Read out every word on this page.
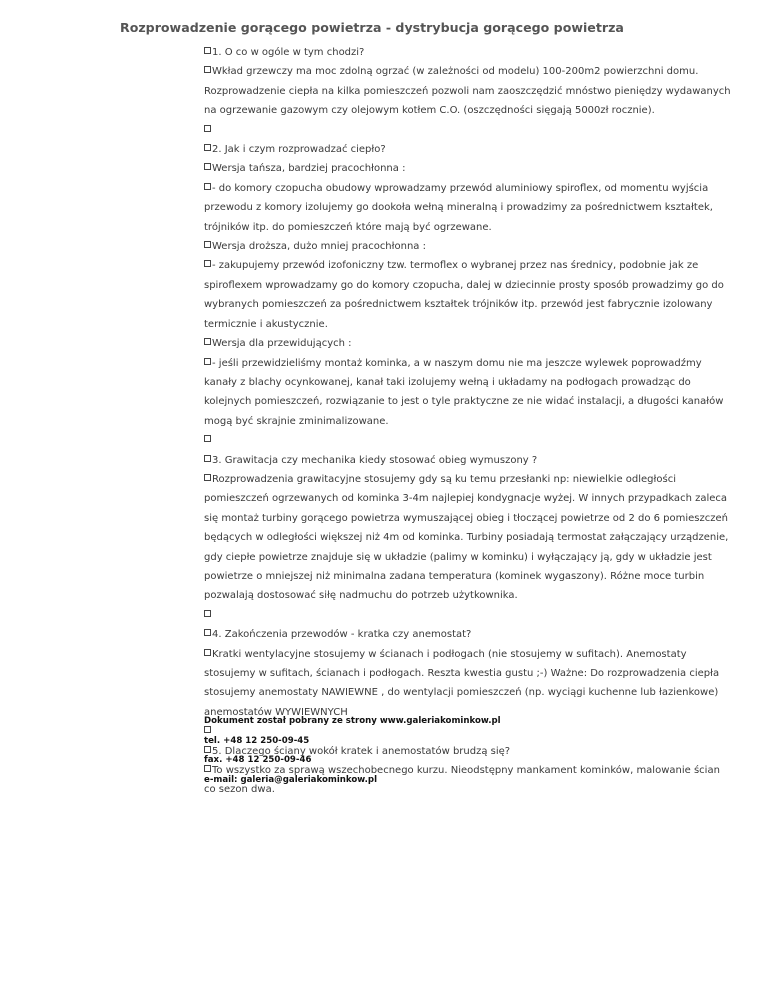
Rozprowadzenie gorącego powietrza - dystrybucja gorącego powietrza

1. O co w ogóle w tym chodzi?

Wkład grzewczy ma moc zdolną ogrzać (w zależności od modelu) 100-200m2 powierzchni domu. Rozprowadzenie ciepła na kilka pomieszczeń pozwoli nam zaoszczędzić mnóstwo pieniędzy wydawanych na ogrzewanie gazowym czy olejowym kotłem C.O. (oszczędności sięgają 5000zł rocznie).

2. Jak i czym rozprowadzać ciepło?

Wersja tańsza, bardziej pracochłonna :

- do komory czopucha obudowy wprowadzamy przewód aluminiowy spiroflex, od momentu wyjścia przewodu z komory izolujemy go dookoła wełną mineralną i prowadzimy za pośrednictwem kształtek, trójników itp. do pomieszczeń które mają być ogrzewane.

Wersja droższa, dużo mniej pracochłonna :

- zakupujemy przewód izofoniczny tzw. termoflex o wybranej przez nas średnicy, podobnie jak ze spiroflexem wprowadzamy go do komory czopucha, dalej w dziecinnie prosty sposób prowadzimy go do wybranych pomieszczeń za pośrednictwem kształtek trójników itp. przewód jest fabrycznie izolowany termicznie i akustycznie.

Wersja dla przewidujących :

- jeśli przewidzieliśmy montaż kominka, a w naszym domu nie ma jeszcze wylewek poprowadźmy kanały z blachy ocynkowanej, kanał taki izolujemy wełną i układamy na podłogach prowadząc do kolejnych pomieszczeń, rozwiązanie to jest o tyle praktyczne ze nie widać instalacji, a długości kanałów mogą być skrajnie zminimalizowane.

3. Grawitacja czy mechanika kiedy stosować obieg wymuszony ?

Rozprowadzenia grawitacyjne stosujemy gdy są ku temu przesłanki np: niewielkie odległości pomieszczeń ogrzewanych od kominka 3-4m najlepiej kondygnacje wyżej. W innych przypadkach zaleca się montaż turbiny gorącego powietrza wymuszającej obieg i tłoczącej powietrze od 2 do 6 pomieszczeń będących w odległości większej niż 4m od kominka. Turbiny posiadają termostat załączający urządzenie, gdy ciepłe powietrze znajduje się w układzie (palimy w kominku) i wyłączający ją, gdy w układzie jest powietrze o mniejszej niż minimalna zadana temperatura (kominek wygaszony). Różne moce turbin pozwalają dostosować siłę nadmuchu do potrzeb użytkownika.

4. Zakończenia przewodów - kratka czy anemostat?

Kratki wentylacyjne stosujemy w ścianach i podłogach (nie stosujemy w sufitach). Anemostaty stosujemy w sufitach, ścianach i podłogach. Reszta kwestia gustu ;-) Ważne: Do rozprowadzenia ciepła stosujemy anemostaty NAWIEWNE , do wentylacji pomieszczeń (np. wyciągi kuchenne lub łazienkowe) anemostatów WYWIEWNYCH

5. Dlaczego ściany wokół kratek i anemostatów brudzą się?

To wszystko za sprawą wszechobecnego kurzu. Nieodstępny mankament kominków, malowanie ścian co sezon dwa.

Dokument został pobrany ze strony www.galeriakominkow.pl
tel. +48 12 250-09-45
fax. +48 12 250-09-46
e-mail: galeria@galeriakominkow.pl
